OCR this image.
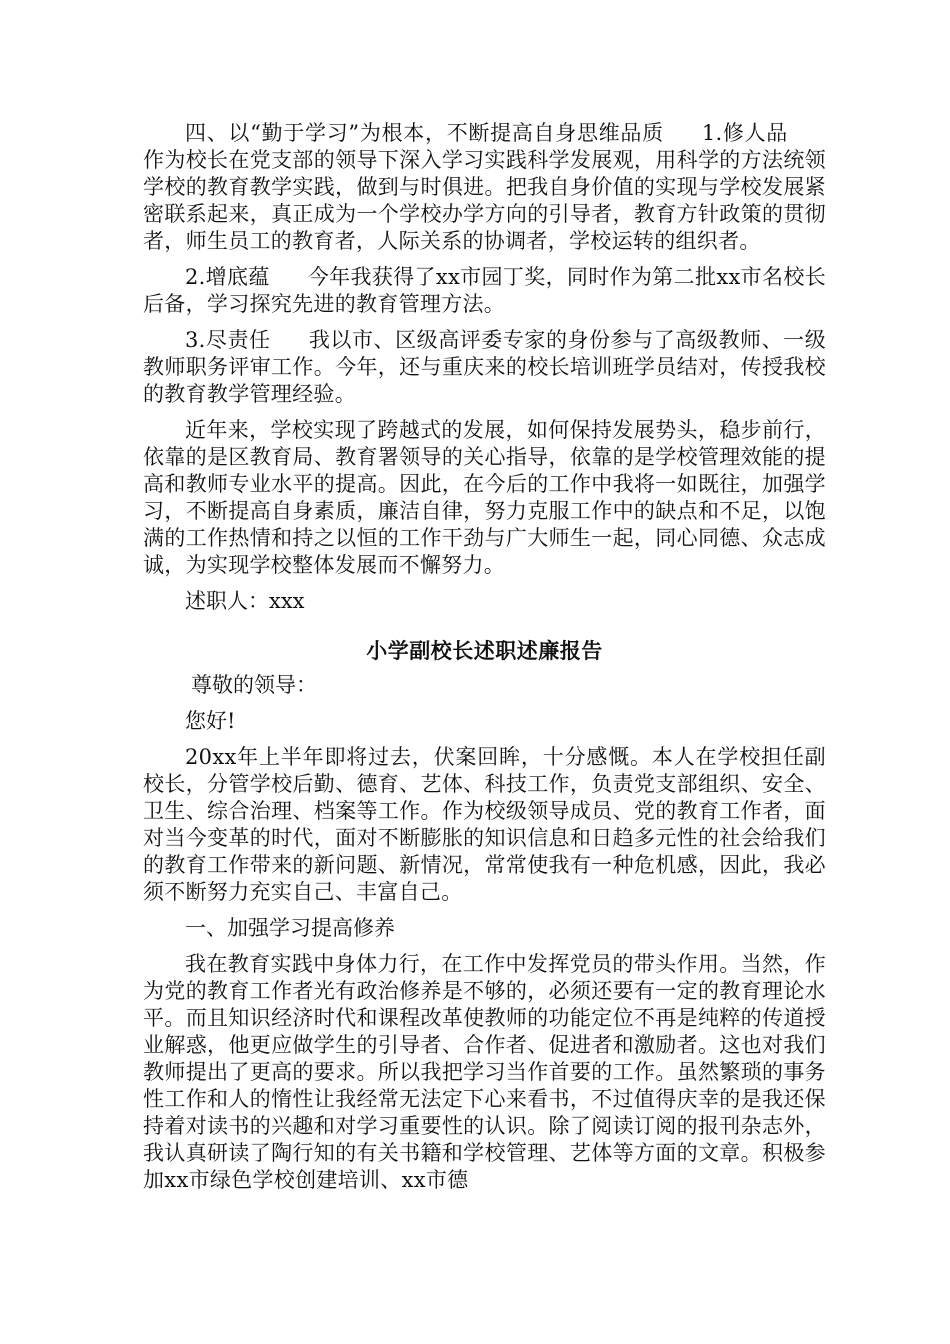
四、以“勤于学习”为根本，不断提高自身思维品质 1.修人品作为校长在党支部的领导下深入学习实践科学发展观，用科学的方法统领学校的教育教学实践，做到与时俱进。把我自身价值的实现与学校发展紧密联系起来，真正成为一个学校办学方向的引导者，教育方针政策的贯彻者，师生员工的教育者，人际关系的协调者，学校运转的组织者。

2.增底蕴 今年我获得了xx市园丁奖，同时作为第二批xx市名校长后备，学习探究先进的教育管理方法。

3.尽责任 我以市、区级高评委专家的身份参与了高级教师、一级教师职务评审工作。今年，还与重庆来的校长培训班学员结对，传授我校的教育教学管理经验。

近年来，学校实现了跨越式的发展，如何保持发展势头，稳步前行，依靠的是区教育局、教育署领导的关心指导，依靠的是学校管理效能的提高和教师专业水平的提高。因此，在今后的工作中我将一如既往，加强学习，不断提高自身素质，廉洁自律，努力克服工作中的缺点和不足，以饱满的工作热情和持之以恒的工作干劲与广大师生一起，同心同德、众志成诚，为实现学校整体发展而不懈努力。

述职人：xxx

小学副校长述职述廉报告

尊敬的领导：

您好!

20xx年上半年即将过去，伏案回眸，十分感慨。本人在学校担任副校长，分管学校后勤、德育、艺体、科技工作，负责党支部组织、安全、卫生、综合治理、档案等工作。作为校级领导成员、党的教育工作者，面对当今变革的时代，面对不断膨胀的知识信息和日趋多元性的社会给我们的教育工作带来的新问题、新情况，常常使我有一种危机感，因此，我必须不断努力充实自己、丰富自己。

一、加强学习提高修养

我在教育实践中身体力行，在工作中发挥党员的带头作用。当然，作为党的教育工作者光有政治修养是不够的，必须还要有一定的教育理论水平。而且知识经济时代和课程改革使教师的功能定位不再是纯粹的传道授业解惑，他更应做学生的引导者、合作者、促进者和激励者。这也对我们教师提出了更高的要求。所以我把学习当作首要的工作。虽然繁琐的事务性工作和人的惰性让我经常无法定下心来看书，不过值得庆幸的是我还保持着对读书的兴趣和对学习重要性的认识。除了阅读订阅的报刊杂志外，我认真研读了陶行知的有关书籍和学校管理、艺体等方面的文章。积极参加xx市绿色学校创建培训、xx市德
